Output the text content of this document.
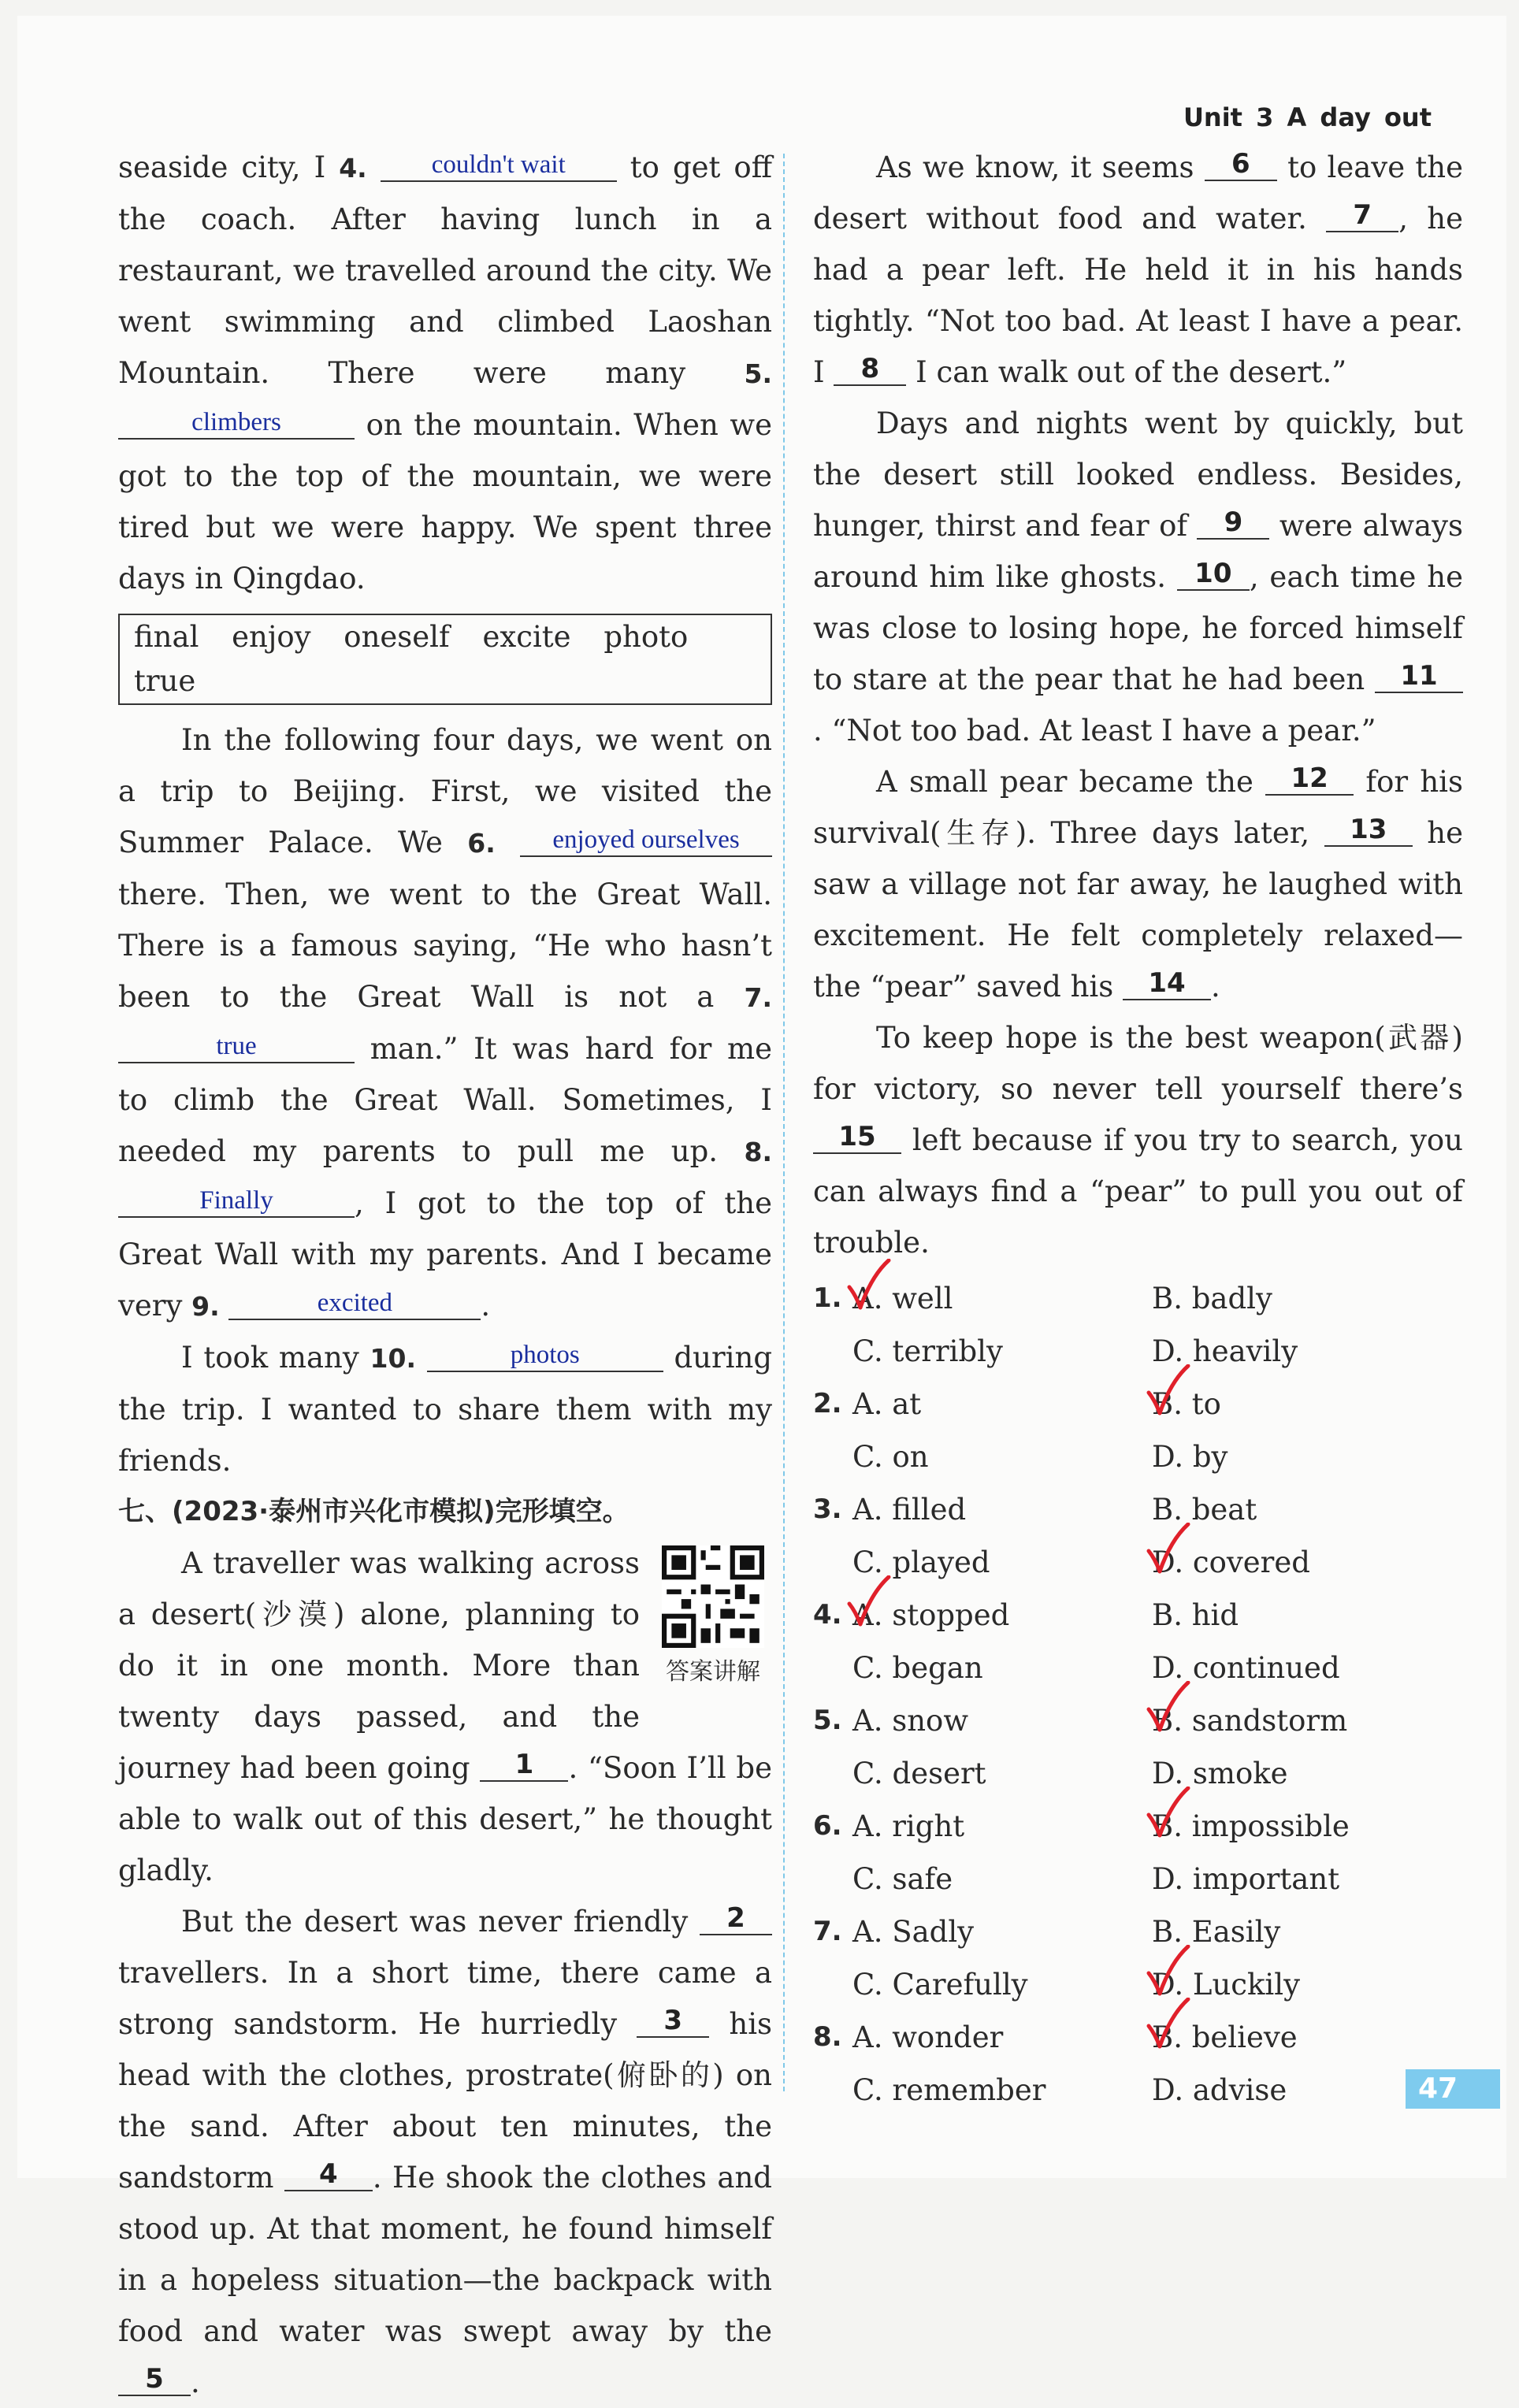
Unit 3 A day out

seaside city, I 4. couldn't wait to get off the coach. After having lunch in a restaurant, we travelled around the city. We went swimming and climbed Laoshan Mountain. There were many 5. climbers	on the mountain. When we got to the top of the mountain, we were tired but we were happy. We spent three days in Qingdao.

final enjoy oneself excite photo true

In the following four days, we went on a trip to Beijing. First, we visited the Summer Palace. We 6. enjoyed ourselves there. Then, we went to the Great Wall. There is a famous saying, “He who hasn’t been to the Great Wall is not a 7. true	man.” It was hard for me to climb the Great Wall. Sometimes, I needed my parents to pull me up. 8. Finally	, I got to the top of the Great Wall with my parents. And I became very 9.	excited	.

I took many 10.	photos	during the trip. I wanted to share them with my friends.

七、(2023·泰州市兴化市模拟)完形填空。

答案讲解
A traveller was walking across a desert(沙漠) alone, planning to do it in one month. More than twenty days passed, and the journey had been going 1 . “Soon I’ll be able to walk out of this desert,” he thought gladly.

But the desert was never friendly 2 travellers. In a short time, there came a strong sandstorm. He hurriedly 3 his head with the clothes, prostrate(俯卧的) on the sand. After about ten minutes, the sandstorm 4 . He shook the clothes and stood up. At that moment, he found himself in a hopeless situation—the backpack with food and water was swept away by the 5 .

As we know, it seems 6 to leave the desert without food and water. 7 , he had a pear left. He held it in his hands tightly. “Not too bad. At least I have a pear. I 8 I can walk out of the desert.”

Days and nights went by quickly, but the desert still looked endless. Besides, hunger, thirst and fear of 9 were always around him like ghosts. 10 , each time he was close to losing hope, he forced himself to stare at the pear that he had been 11. “Not too bad. At least I have a pear.”

A small pear became the 12 for his survival(生存). Three days later, 13 he saw a village not far away, he laughed with excitement. He felt completely relaxed—the “pear” saved his 14 .

To keep hope is the best weapon(武器) for victory, so never tell yourself there’s 15 left because if you try to search, you can always find a “pear” to pull you out of trouble.

1. A. well	B. badly
C. terribly	D. heavily
2. A. at	B. to
C. on	D. by
3. A. filled	B. beat
C. played	D. covered
4. A. stopped	B. hid
C. began	D. continued
5. A. snow	B. sandstorm
C. desert	D. smoke
6. A. right	B. impossible
C. safe	D. important
7. A. Sadly	B. Easily
C. Carefully	D. Luckily
8. A. wonder	B. believe
C. remember	D. advise	47
